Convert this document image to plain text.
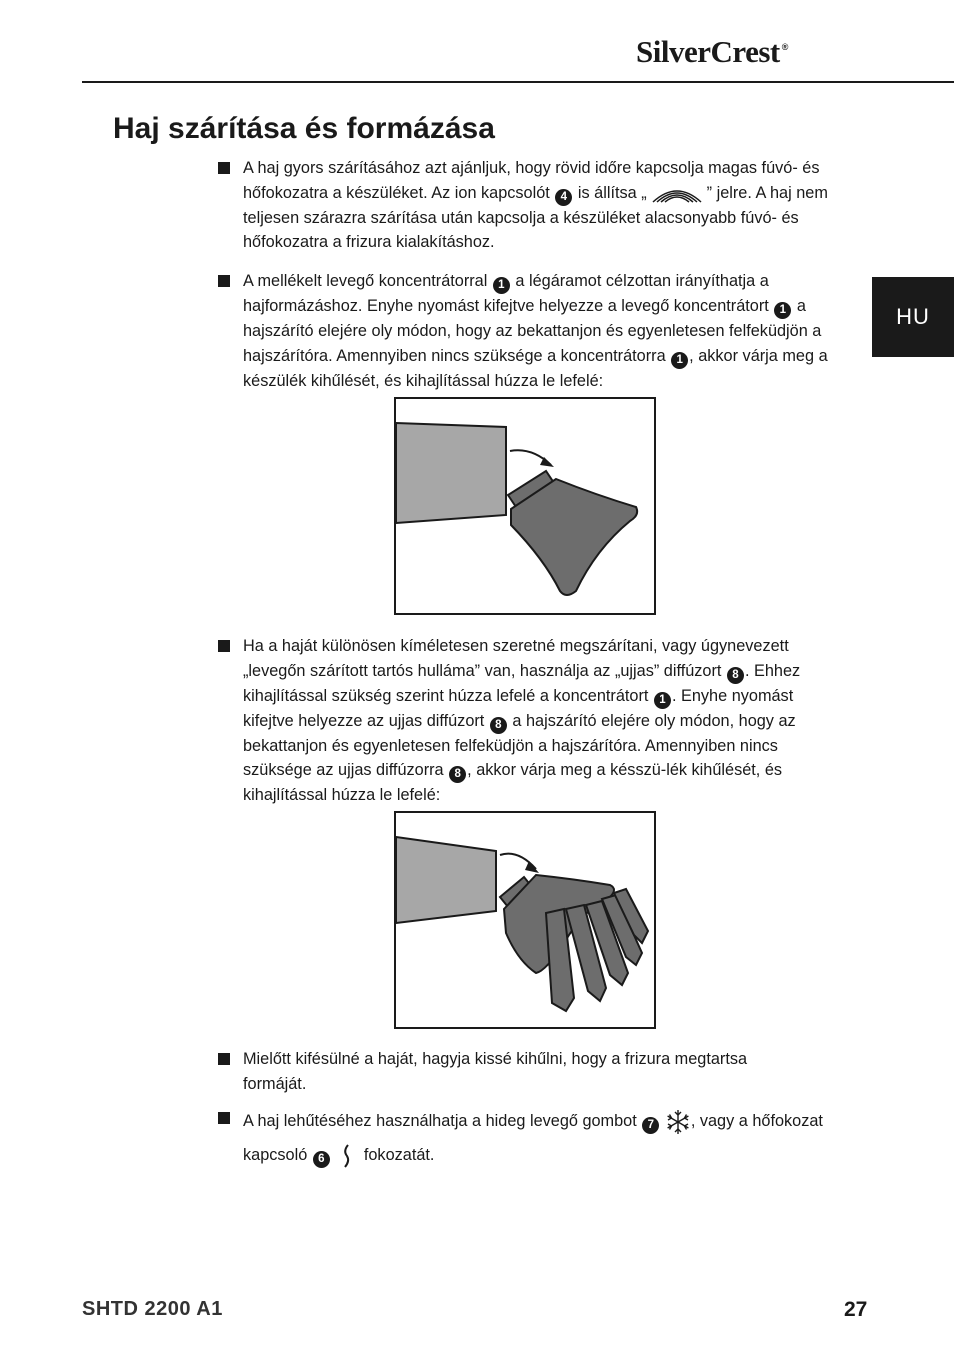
SilverCrest ®
HU
Haj szárítása és formázása

A haj gyors szárításához azt ajánljuk, hogy rövid időre kapcsolja magas fúvó- és hőfokozatra a készüléket. Az ion kapcsolót 4 is állítsa „	” jelre. A haj nem teljesen szárazra szárítása után kapcsolja a készüléket alacsonyabb fúvó- és hőfokozatra a frizura kialakításhoz.

A mellékelt levegő koncentrátorral 1 a légáramot célzottan irányíthatja a hajformázáshoz. Enyhe nyomást kifejtve helyezze a levegő koncentrátort 1 a hajszárító elejére oly módon, hogy az bekattanjon és egyenletesen felfeküdjön a hajszárítóra. Amennyiben nincs szüksége a koncentrátorra 1 , akkor várja meg a készülék kihűlését, és kihajlítással húzza le lefelé:

Ha a haját különösen kíméletesen szeretné megszárítani, vagy úgynevezett „levegőn szárított tartós hulláma” van, használja az „ujjas” diffúzort 8 . Ehhez kihajlítással szükség szerint húzza lefelé a koncentrátort 1 . Enyhe nyomást kifejtve helyezze az ujjas diffúzort 8 a hajszárító elejére oly módon, hogy az bekattanjon és egyenletesen felfeküdjön a hajszárítóra. Amennyiben nincs szüksége az ujjas diffúzorra 8 , akkor várja meg a késszü-lék kihűlését, és kihajlítással húzza le lefelé:

Mielőtt kifésülné a haját, hagyja kissé kihűlni, hogy a frizura megtartsa formáját.

A haj lehűtéséhez használhatja a hideg levegő gombot 7 , vagy a hőfokozat kapcsoló 6  fokozatát.

SHTD 2200 A1	27
